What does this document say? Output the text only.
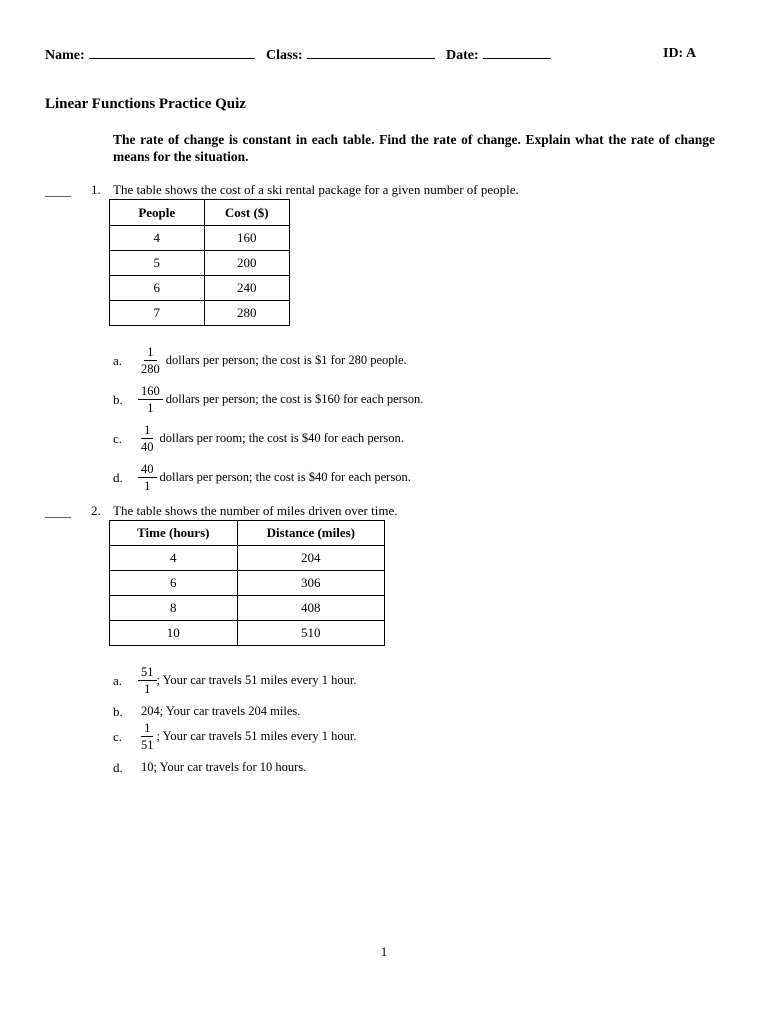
Name:	Class:	Date:	ID: A
Linear Functions Practice Quiz
The rate of change is constant in each table. Find the rate of change. Explain what the rate of change means for the situation.
____ 1. The table shows the cost of a ski rental package for a given number of people.
People	Cost ($)
4	160
5	200
6	240
7	280
a. $\frac{1}{280}$ dollars per person; the cost is $1 for 280 people.
b. $\frac{160}{1}$ dollars per person; the cost is $160 for each person.
c. $\frac{1}{40}$ dollars per room; the cost is $40 for each person.
d. $\frac{40}{1}$ dollars per person; the cost is $40 for each person.
____ 2. The table shows the number of miles driven over time.
Time (hours)	Distance (miles)
4	204
6	306
8	408
10	510
a. $\frac{51}{1}$ ; Your car travels 51 miles every 1 hour.
b. 204; Your car travels 204 miles.
c. $\frac{1}{51}$ ; Your car travels 51 miles every 1 hour.
d. 10; Your car travels for 10 hours.
1
